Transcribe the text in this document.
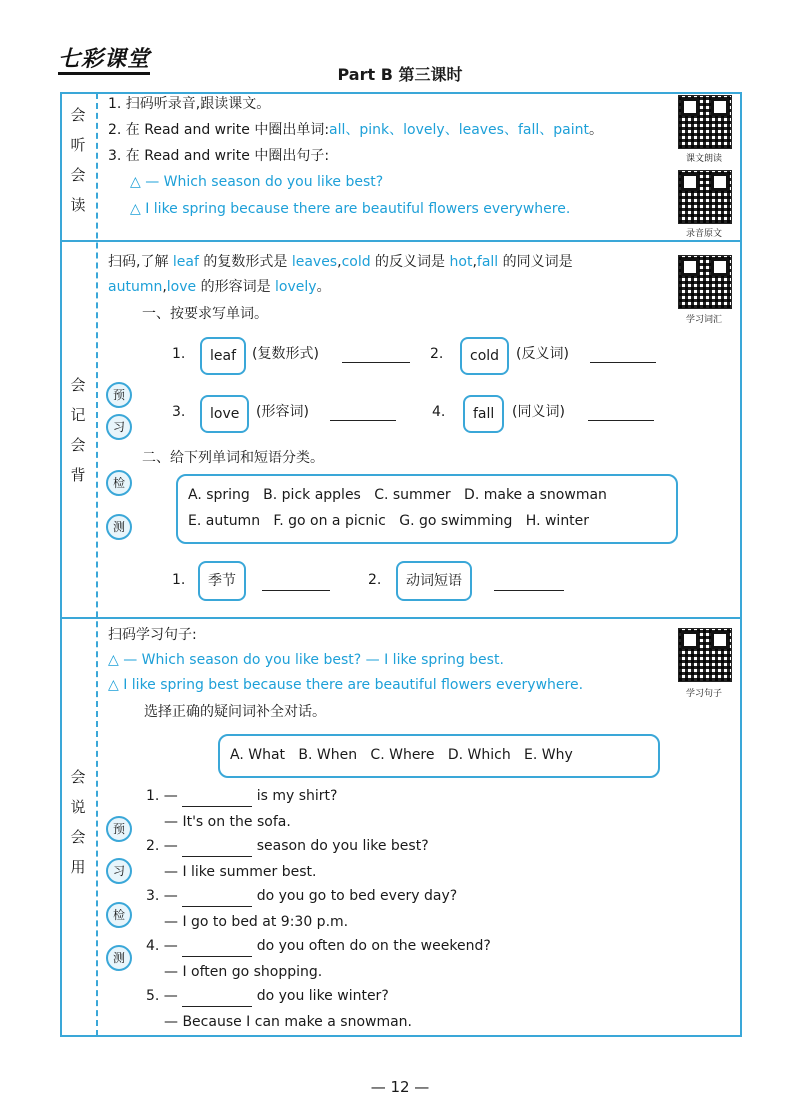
七彩课堂
Part B 第三课时
会
听
会
读
1. 扫码听录音,跟读课文。
2. 在 Read and write 中圈出单词:all、pink、lovely、leaves、fall、paint。
3. 在 Read and write 中圈出句子:
△ — Which season do you like best?
△ I like spring because there are beautiful flowers everywhere.
课文朗读
录音原文
会
记
会
背
预
习
检
测
扫码,了解 leaf 的复数形式是 leaves,cold 的反义词是 hot,fall 的同义词是
autumn,love 的形容词是 lovely。
学习词汇
一、按要求写单词。
1.	leaf	(复数形式)	2.	cold	(反义词)
3.	love	(形容词)	4.	fall	(同义词)
二、给下列单词和短语分类。
A. spring   B. pick apples   C. summer   D. make a snowman
E. autumn   F. go on a picnic   G. go swimming   H. winter
1.	季节	2.	动词短语
会
说
会
用
预
习
检
测
扫码学习句子:
△ — Which season do you like best? — I like spring best.
△ I like spring best because there are beautiful flowers everywhere.
选择正确的疑问词补全对话。
学习句子
A. What   B. When   C. Where   D. Which   E. Why
1. —	is my shirt?
— It's on the sofa.
2. —	season do you like best?
— I like summer best.
3. —	do you go to bed every day?
— I go to bed at 9:30 p.m.
4. —	do you often do on the weekend?
— I often go shopping.
5. —	do you like winter?
— Because I can make a snowman.
— 12 —
